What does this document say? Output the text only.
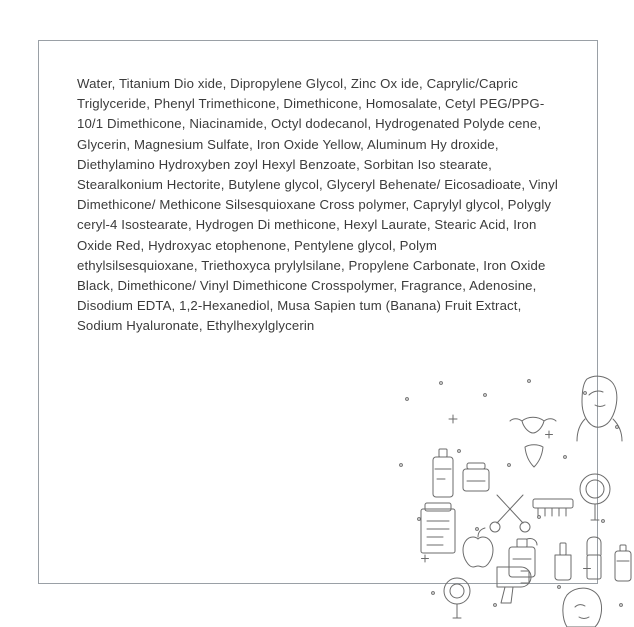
Water, Titanium Dio xide, Dipropylene Glycol, Zinc Ox ide, Caprylic/Capric Triglyceride, Phenyl Trimethicone, Dimethicone, Homosalate, Cetyl PEG/PPG-10/1 Dimethicone, Niacinamide, Octyl dodecanol, Hydrogenated Polyde cene, Glycerin, Magnesium Sulfate, Iron Oxide Yellow, Aluminum Hy droxide, Diethylamino Hydroxyben zoyl Hexyl Benzoate, Sorbitan Iso stearate, Stearalkonium Hectorite, Butylene glycol, Glyceryl Behenate/ Eicosadioate, Vinyl Dimethicone/ Methicone Silsesquioxane Cross polymer, Caprylyl glycol, Polygly ceryl-4 Isostearate, Hydrogen Di methicone, Hexyl Laurate, Stearic Acid, Iron Oxide Red, Hydroxyac etophenone, Pentylene glycol, Polym ethylsilsesquioxane, Triethoxyca prylylsilane, Propylene Carbonate, Iron Oxide Black, Dimethicone/ Vinyl Dimethicone Crosspolymer, Fragrance, Adenosine, Disodium EDTA, 1,2-Hexanediol, Musa Sapien tum (Banana) Fruit Extract, Sodium Hyaluronate, Ethylhexylglycerin
